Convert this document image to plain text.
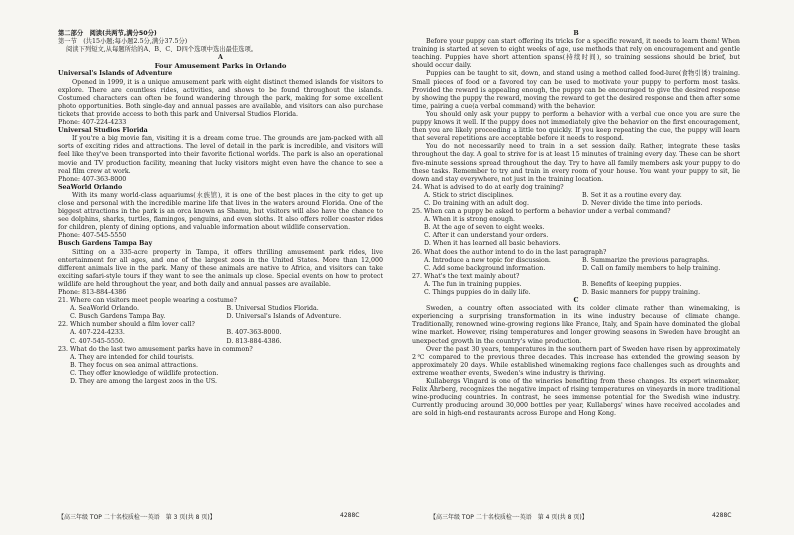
第二部分　阅读(共两节,满分50分)

第一节　(共15小题;每小题2.5分,满分37.5分)

阅读下列短文,从每题所给的A、B、C、D四个选项中选出最佳选项。

A

Four Amusement Parks in Orlando

Universal's Islands of Adventure

Opened in 1999, it is a unique amusement park with eight distinct themed islands for visitors to explore. There are countless rides, activities, and shows to be found throughout the islands. Costumed characters can often be found wandering through the park, making for some excellent photo opportunities. Both single-day and annual passes are available, and visitors can also purchase tickets that provide access to both this park and Universal Studios Florida.

Phone: 407-224-4233

Universal Studios Florida

If you're a big movie fan, visiting it is a dream come true. The grounds are jam-packed with all sorts of exciting rides and attractions. The level of detail in the park is incredible, and visitors will feel like they've been transported into their favorite fictional worlds. The park is also an operational movie and TV production facility, meaning that lucky visitors might even have the chance to see a real film crew at work.

Phone: 407-363-8000

SeaWorld Orlando

With its many world-class aquariums(水族馆), it is one of the best places in the city to get up close and personal with the incredible marine life that lives in the waters around Florida. One of the biggest attractions in the park is an orca known as Shamu, but visitors will also have the chance to see dolphins, sharks, turtles, flamingos, penguins, and even sloths. It also offers roller coaster rides for children, plenty of dining options, and valuable information about wildlife conservation.

Phone: 407-545-5550

Busch Gardens Tampa Bay

Sitting on a 335-acre property in Tampa, it offers thrilling amusement park rides, live entertainment for all ages, and one of the largest zoos in the United States. More than 12,000 different animals live in the park. Many of these animals are native to Africa, and visitors can take exciting safari-style tours if they want to see the animals up close. Special events on how to protect wildlife are held throughout the year, and both daily and annual passes are available.

Phone: 813-884-4386

21. Where can visitors meet people wearing a costume?

A. SeaWorld Orlando.	B. Universal Studios Florida.

C. Busch Gardens Tampa Bay.	D. Universal's Islands of Adventure.

22. Which number should a film lover call?

A. 407-224-4233.	B. 407-363-8000.

C. 407-545-5550.	D. 813-884-4386.

23. What do the last two amusement parks have in common?

A. They are intended for child tourists.

B. They focus on sea animal attractions.

C. They offer knowledge of wildlife protection.

D. They are among the largest zoos in the US.

B

Before your puppy can start offering its tricks for a specific reward, it needs to learn them! When training is started at seven to eight weeks of age, use methods that rely on encouragement and gentle teaching. Puppies have short attention spans(持续时间), so training sessions should be brief, but should occur daily.

Puppies can be taught to sit, down, and stand using a method called food-lure(食物引诱) training. Small pieces of food or a favored toy can be used to motivate your puppy to perform most tasks. Provided the reward is appealing enough, the puppy can be encouraged to give the desired response by showing the puppy the reward, moving the reward to get the desired response and then after some time, pairing a cue(a verbal command) with the behavior.

You should only ask your puppy to perform a behavior with a verbal cue once you are sure the puppy knows it well. If the puppy does not immediately give the behavior on the first encouragement, then you are likely proceeding a little too quickly. If you keep repeating the cue, the puppy will learn that several repetitions are acceptable before it needs to respond.

You do not necessarily need to train in a set session daily. Rather, integrate these tasks throughout the day. A goal to strive for is at least 15 minutes of training every day. These can be short five-minute sessions spread throughout the day. Try to have all family members ask your puppy to do these tasks. Remember to try and train in every room of your house. You want your puppy to sit, lie down and stay everywhere, not just in the training location.

24. What is advised to do at early dog training?

A. Stick to strict disciplines.	B. Set it as a routine every day.

C. Do training with an adult dog.	D. Never divide the time into periods.

25. When can a puppy be asked to perform a behavior under a verbal command?

A. When it is strong enough.

B. At the age of seven to eight weeks.

C. After it can understand your orders.

D. When it has learned all basic behaviors.

26. What does the author intend to do in the last paragraph?

A. Introduce a new topic for discussion.	B. Summarize the previous paragraphs.

C. Add some background information.	D. Call on family members to help training.

27. What's the text mainly about?

A. The fun in training puppies.	B. Benefits of keeping puppies.

C. Things puppies do in daily life.	D. Basic manners for puppy training.

C

Sweden, a country often associated with its colder climate rather than winemaking, is experiencing a surprising transformation in its wine industry because of climate change. Traditionally, renowned wine-growing regions like France, Italy, and Spain have dominated the global wine market. However, rising temperatures and longer growing seasons in Sweden have brought an unexpected growth in the country's wine production.

Over the past 30 years, temperatures in the southern part of Sweden have risen by approximately 2℃ compared to the previous three decades. This increase has extended the growing season by approximately 20 days. While established winemaking regions face challenges such as droughts and extreme weather events, Sweden's wine industry is thriving.

Kullabergs Vingard is one of the wineries benefiting from these changes. Its expert winemaker, Felix Åhrberg, recognizes the negative impact of rising temperatures on vineyards in more traditional wine-producing countries. In contrast, he sees immense potential for the Swedish wine industry. Currently producing around 30,000 bottles per year, Kullabergs' wines have received accolades and are sold in high-end restaurants across Europe and Hong Kong.

【高三年级 TOP 二十名校质检一·英语　第 3 页(共 8 页)】	4288C	【高三年级 TOP 二十名校质检一·英语　第 4 页(共 8 页)】	4288C
